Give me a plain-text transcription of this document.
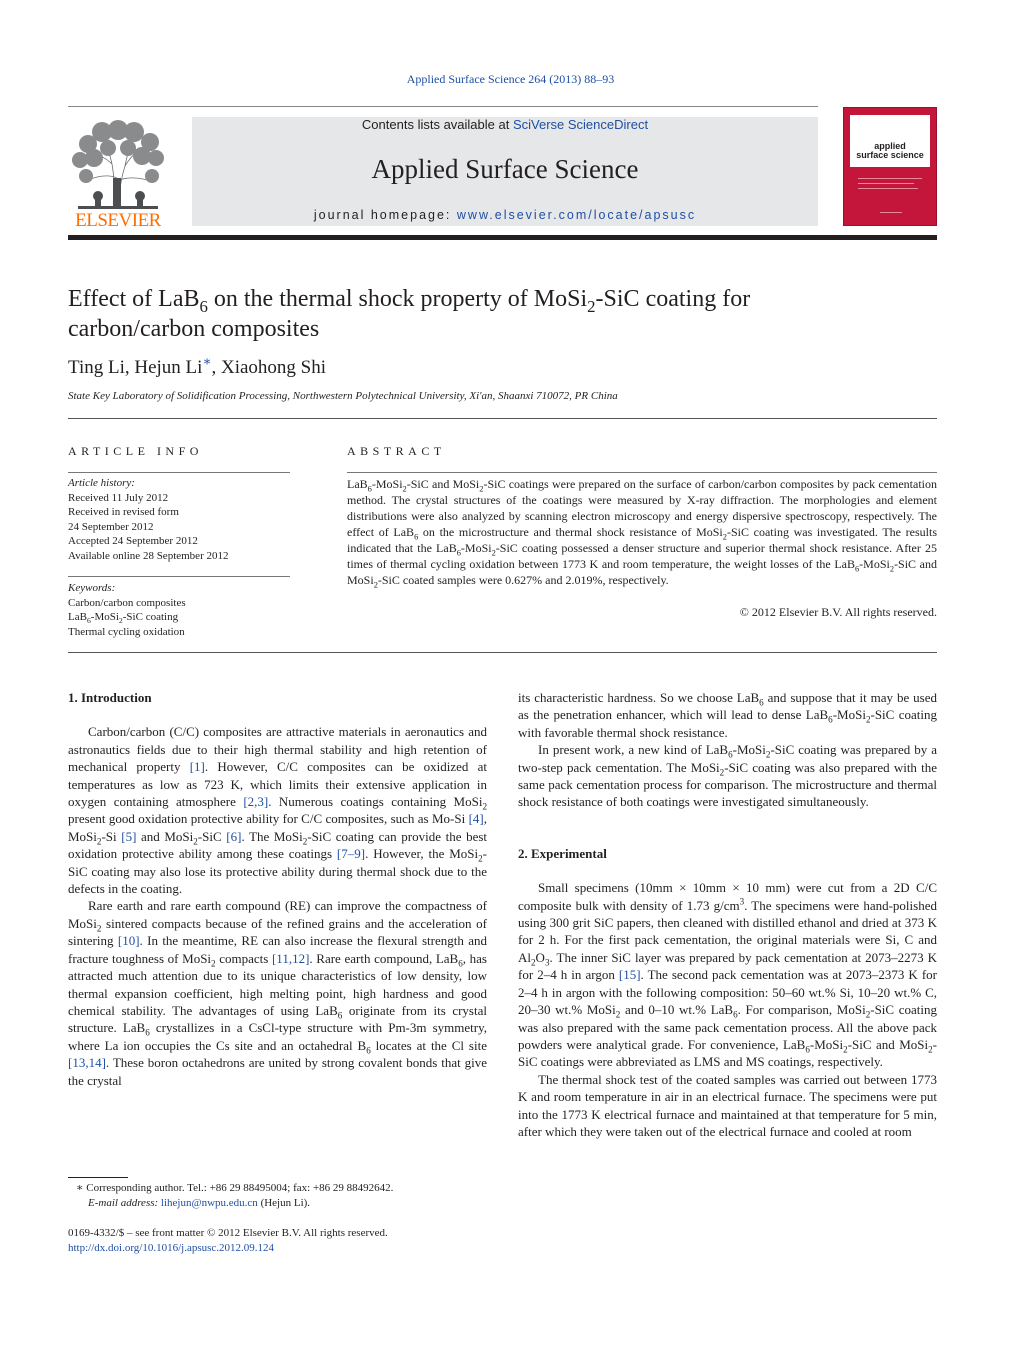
Applied Surface Science 264 (2013) 88–93
ELSEVIER
Contents lists available at SciVerse ScienceDirect
Applied Surface Science
journal homepage: www.elsevier.com/locate/apsusc
applied
surface science
Effect of LaB$_6$ on the thermal shock property of MoSi$_2$-SiC coating for carbon/carbon composites
Ting Li, Hejun Li∗, Xiaohong Shi
State Key Laboratory of Solidification Processing, Northwestern Polytechnical University, Xi'an, Shaanxi 710072, PR China
ARTICLE INFO	ABSTRACT
Article history:
Received 11 July 2012
Received in revised form
24 September 2012
Accepted 24 September 2012
Available online 28 September 2012
Keywords:
Carbon/carbon composites
LaB$_6$-MoSi$_2$-SiC coating
Thermal cycling oxidation
LaB$_6$-MoSi$_2$-SiC and MoSi$_2$-SiC coatings were prepared on the surface of carbon/carbon composites by pack cementation method. The crystal structures of the coatings were measured by X-ray diffraction. The morphologies and element distributions were also analyzed by scanning electron microscopy and energy dispersive spectroscopy, respectively. The effect of LaB$_6$ on the microstructure and thermal shock resistance of MoSi$_2$-SiC coating was investigated. The results indicated that the LaB$_6$-MoSi$_2$-SiC coating possessed a denser structure and superior thermal shock resistance. After 25 times of thermal cycling oxidation between 1773 K and room temperature, the weight losses of the LaB$_6$-MoSi$_2$-SiC and MoSi$_2$-SiC coated samples were 0.627% and 2.019%, respectively.
© 2012 Elsevier B.V. All rights reserved.

1. Introduction

Carbon/carbon (C/C) composites are attractive materials in aeronautics and astronautics fields due to their high thermal stability and high retention of mechanical property [1]. However, C/C composites can be oxidized at temperatures as low as 723 K, which limits their extensive application in oxygen containing atmosphere [2,3]. Numerous coatings containing MoSi$_2$ present good oxidation protective ability for C/C composites, such as Mo-Si [4], MoSi$_2$-Si [5] and MoSi$_2$-SiC [6]. The MoSi$_2$-SiC coating can provide the best oxidation protective ability among these coatings [7–9]. However, the MoSi$_2$-SiC coating may also lose its protective ability during thermal shock due to the defects in the coating.

Rare earth and rare earth compound (RE) can improve the compactness of MoSi$_2$ sintered compacts because of the refined grains and the acceleration of sintering [10]. In the meantime, RE can also increase the flexural strength and fracture toughness of MoSi$_2$ compacts [11,12]. Rare earth compound, LaB$_6$, has attracted much attention due to its unique characteristics of low density, low thermal expansion coefficient, high melting point, high hardness and good chemical stability. The advantages of using LaB$_6$ originate from its crystal structure. LaB$_6$ crystallizes in a CsCl-type structure with Pm-3m symmetry, where La ion occupies the Cs site and an octahedral $B_6$ locates at the Cl site [13,14]. These boron octahedrons are united by strong covalent bonds that give the crystal

its characteristic hardness. So we choose LaB$_6$ and suppose that it may be used as the penetration enhancer, which will lead to dense LaB$_6$-MoSi$_2$-SiC coating with favorable thermal shock resistance.

In present work, a new kind of LaB$_6$-MoSi$_2$-SiC coating was prepared by a two-step pack cementation. The MoSi$_2$-SiC coating was also prepared with the same pack cementation process for comparison. The microstructure and thermal shock resistance of both coatings were investigated simultaneously.

2. Experimental

Small specimens (10mm × 10mm × 10 mm) were cut from a 2D C/C composite bulk with density of 1.73 $g/cm^3$. The specimens were hand-polished using 300 grit SiC papers, then cleaned with distilled ethanol and dried at 373 K for 2 h. For the first pack cementation, the original materials were Si, C and $Al_2O_3$. The inner SiC layer was prepared by pack cementation at 2073–2273 K for 2–4 h in argon [15]. The second pack cementation was at 2073–2373 K for 2–4 h in argon with the following composition: 50–60 wt.% Si, 10–20 wt.% C, 20–30 wt.% MoSi$_2$ and 0–10 wt.% LaB$_6$. For comparison, MoSi$_2$-SiC coating was also prepared with the same pack cementation process. All the above pack powders were analytical grade. For convenience, LaB$_6$-MoSi$_2$-SiC and MoSi$_2$-SiC coatings were abbreviated as LMS and MS coatings, respectively.

The thermal shock test of the coated samples was carried out between 1773 K and room temperature in air in an electrical furnace. The specimens were put into the 1773 K electrical furnace and maintained at that temperature for 5 min, after which they were taken out of the electrical furnace and cooled at room

∗ Corresponding author. Tel.: +86 29 88495004; fax: +86 29 88492642.
E-mail address: lihejun@nwpu.edu.cn (Hejun Li).
0169-4332/$ – see front matter © 2012 Elsevier B.V. All rights reserved.
http://dx.doi.org/10.1016/j.apsusc.2012.09.124
